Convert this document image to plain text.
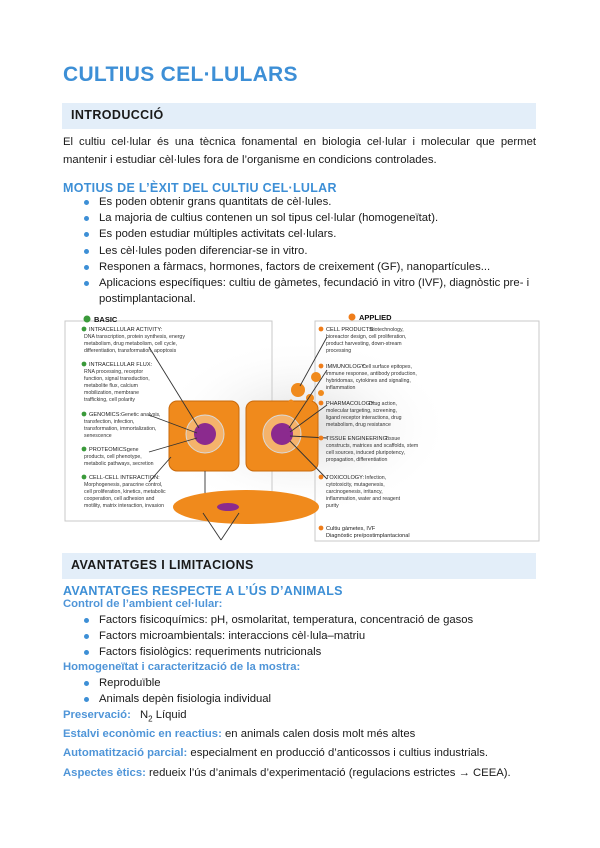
CULTIUS CEL·LULARS
INTRODUCCIÓ
El cultiu cel·lular és una tècnica fonamental en biologia cel·lular i molecular que permet mantenir i estudiar cèl·lules fora de l’organisme en condicions controlades.
MOTIUS DE L’ÈXIT DEL CULTIU CEL·LULAR
Es poden obtenir grans quantitats de cèl·lules.
La majoria de cultius contenen un sol tipus cel·lular (homogeneïtat).
Es poden estudiar múltiples activitats cel·lulars.
Les cèl·lules poden diferenciar-se in vitro.
Responen a fàrmacs, hormones, factors de creixement (GF), nanopartícules...
Aplicacions específiques: cultiu de gàmetes, fecundació in vitro (IVF), diagnòstic pre- i postimplantacional.
BASIC	APPLIED
INTRACELLULAR ACTIVITY:
DNA transcription, protein synthesis, energy
metabolism, drug metabolism, cell cycle,
differentiation, transformation, apoptosis
INTRACELLULAR FLUX:
RNA processing, receptor
function, signal transduction,
metabolite flux, calcium
mobilization, membrane
trafficking, cell polarity
GENOMICS: Genetic analysis,
transfection, infection,
transformation, immortalization,
senescence
PROTEOMICS:
gene
products, cell phenotype,
metabolic pathways, secretion
CELL-CELL INTERACTION:
Morphogenesis, paracrine control,
cell proliferation, kinetics, metabolic
cooperation, cell adhesion and
motility, matrix interaction, invasion
CELL PRODUCTS:
Biotechnology,
bioreactor design, cell proliferation,
product harvesting, down-stream
processing
IMMUNOLOGY:
Cell surface epitopes,
immune response, antibody production,
hybridomas, cytokines and signaling,
inflammation
PHARMACOLOGY:
Drug action,
molecular targeting, screening,
ligand receptor interactions, drug
metabolism, drug resistance
TISSUE ENGINEERING:
Tissue
constructs, matrices and scaffolds, stem
cell sources, induced pluripotency,
propagation, differentiation
TOXICOLOGY: Infection,
cytotoxicity, mutagenesis,
carcinogenesis, irritancy,
inflammation, water and reagent
purity
Cultiu gàmetes, IVF
Diagnòstic pre/postimplantacional
AVANTATGES I LIMITACIONS
AVANTATGES RESPECTE A L’ÚS D’ANIMALS
Control de l’ambient cel·lular:
Factors fisicoquímics: pH, osmolaritat, temperatura, concentració de gasos
Factors microambientals: interaccions cèl·lula–matriu
Factors fisiològics: requeriments nutricionals
Homogeneïtat i caracterització de la mostra:
Reproduïble
Animals depèn fisiologia individual
Preservació: $N_2$ Líquid
Estalvi econòmic en reactius: en animals calen dosis molt més altes
Automatització parcial: especialment en producció d’anticossos i cultius industrials.
Aspectes ètics: redueix l’ús d’animals d’experimentació (regulacions estrictes → CEEA).
